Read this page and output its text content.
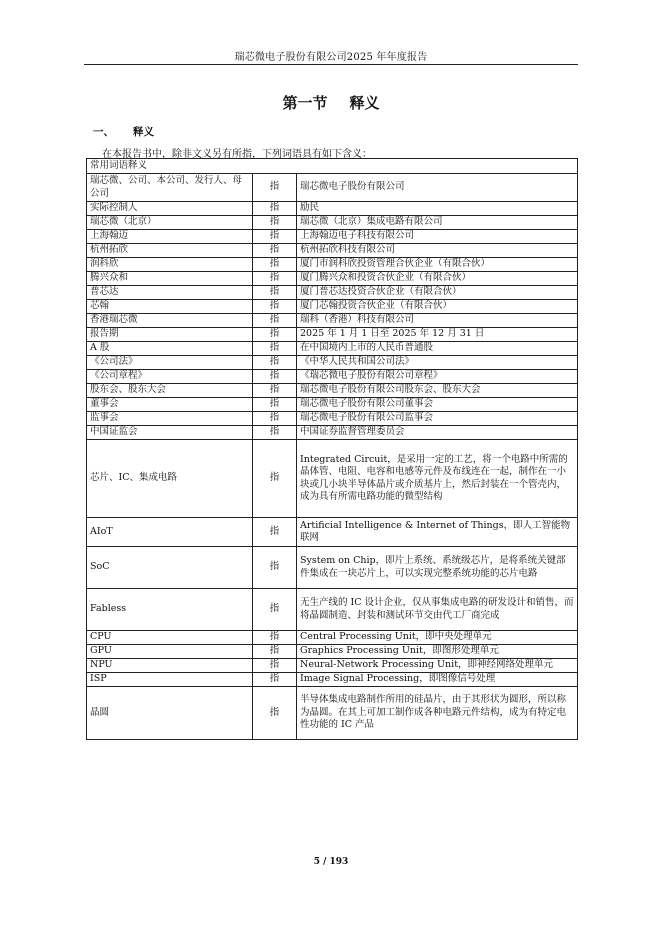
瑞芯微电子股份有限公司2025 年年度报告
第一节 释义
一、 释义
在本报告书中，除非文义另有所指，下列词语具有如下含义：
常用词语释义		
瑞芯微、公司、本公司、发行人、母公司	指	瑞芯微电子股份有限公司
实际控制人	指	励民
瑞芯微（北京）	指	瑞芯微（北京）集成电路有限公司
上海翰迈	指	上海翰迈电子科技有限公司
杭州拓欣	指	杭州拓欣科技有限公司
润科欣	指	厦门市润科欣投资管理合伙企业（有限合伙）
腾兴众和	指	厦门腾兴众和投资合伙企业（有限合伙）
普芯达	指	厦门普芯达投资合伙企业（有限合伙）
芯翰	指	厦门芯翰投资合伙企业（有限合伙）
香港瑞芯微	指	瑞科（香港）科技有限公司
报告期	指	2025 年 1 月 1 日至 2025 年 12 月 31 日
A 股	指	在中国境内上市的人民币普通股
《公司法》	指	《中华人民共和国公司法》
《公司章程》	指	《瑞芯微电子股份有限公司章程》
股东会、股东大会	指	瑞芯微电子股份有限公司股东会、股东大会
董事会	指	瑞芯微电子股份有限公司董事会
监事会	指	瑞芯微电子股份有限公司监事会
中国证监会	指	中国证券监督管理委员会
芯片、IC、集成电路	指	Integrated Circuit，是采用一定的工艺，将一个电路中所需的晶体管、电阻、电容和电感等元件及布线连在一起，制作在一小块或几小块半导体晶片或介质基片上，然后封装在一个管壳内，成为具有所需电路功能的微型结构
AIoT	指	Artificial Intelligence & Internet of Things，即人工智能物联网
SoC	指	System on Chip，即片上系统、系统级芯片，是将系统关键部件集成在一块芯片上，可以实现完整系统功能的芯片电路
Fabless	指	无生产线的 IC 设计企业，仅从事集成电路的研发设计和销售，而将晶圆制造、封装和测试环节交由代工厂商完成
CPU	指	Central Processing Unit，即中央处理单元
GPU	指	Graphics Processing Unit，即图形处理单元
NPU	指	Neural-Network Processing Unit，即神经网络处理单元
ISP	指	Image Signal Processing，即图像信号处理
晶圆	指	半导体集成电路制作所用的硅晶片，由于其形状为圆形，所以称为晶圆。在其上可加工制作成各种电路元件结构，成为有特定电性功能的 IC 产品
5 / 193
